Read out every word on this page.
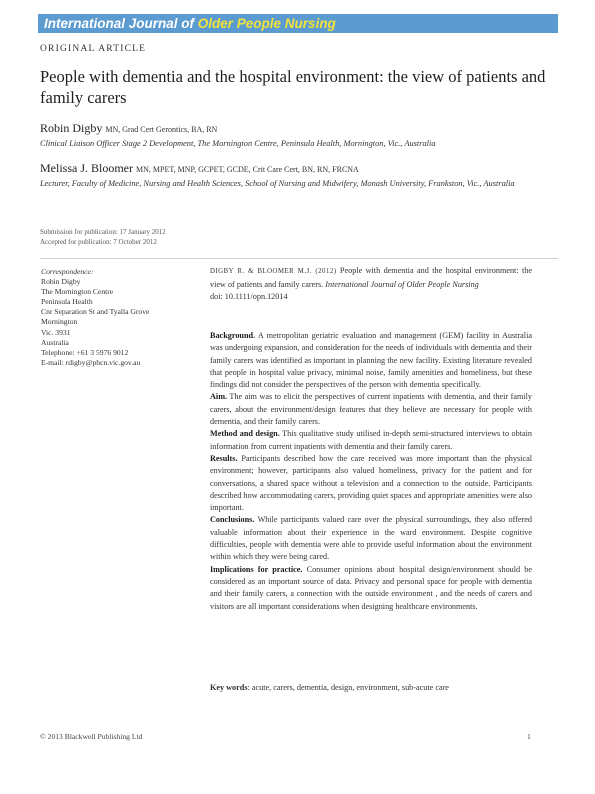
International Journal of Older People Nursing
ORIGINAL ARTICLE
People with dementia and the hospital environment: the view of patients and family carers
Robin Digby MN, Grad Cert Gerontics, BA, RN
Clinical Liaison Officer Stage 2 Development, The Mornington Centre, Peninsula Health, Mornington, Vic., Australia
Melissa J. Bloomer MN, MPET, MNP, GCPET, GCDE, Crit Care Cert, BN, RN, FRCNA
Lecturer, Faculty of Medicine, Nursing and Health Sciences, School of Nursing and Midwifery, Monash University, Frankston, Vic., Australia
Submission for publication: 17 January 2012
Accepted for publication: 7 October 2012
Correspondence:
Robin Digby
The Mornington Centre
Peninsula Health
Cnr Separation St and Tyalla Grove
Mornington
Vic. 3931
Australia
Telephone: +61 3 5976 9012
E-mail: rdigby@phcn.vic.gov.au
DIGBY R. & BLOOMER M.J. (2012) People with dementia and the hospital environment: the view of patients and family carers. International Journal of Older People Nursing
doi: 10.1111/opn.12014

Background. A metropolitan geriatric evaluation and management (GEM) facility in Australia was undergoing expansion, and consideration for the needs of individuals with dementia and their family carers was identified as important in planning the new facility. Existing literature revealed that people in hospital value privacy, minimal noise, family amenities and homeliness, but these findings did not consider the perspectives of the person with dementia specifically.

Aim. The aim was to elicit the perspectives of current inpatients with dementia, and their family carers, about the environment/design features that they believe are necessary for people with dementia, and their family carers.

Method and design. This qualitative study utilised in-depth semi-structured interviews to obtain information from current inpatients with dementia and their family carers.

Results. Participants described how the care received was more important than the physical environment; however, participants also valued homeliness, privacy for the patient and for conversations, a shared space without a television and a connection to the outside. Participants described how accommodating carers, providing quiet spaces and appropriate amenities were also important.

Conclusions. While participants valued care over the physical surroundings, they also offered valuable information about their experience in the ward environment. Despite cognitive difficulties, people with dementia were able to provide useful information about the environment within which they were being cared.

Implications for practice. Consumer opinions about hospital design/environment should be considered as an important source of data. Privacy and personal space for people with dementia and their family carers, a connection with the outside environment , and the needs of carers and visitors are all important considerations when designing healthcare environments.

Key words: acute, carers, dementia, design, environment, sub-acute care
© 2013 Blackwell Publishing Ltd	1
